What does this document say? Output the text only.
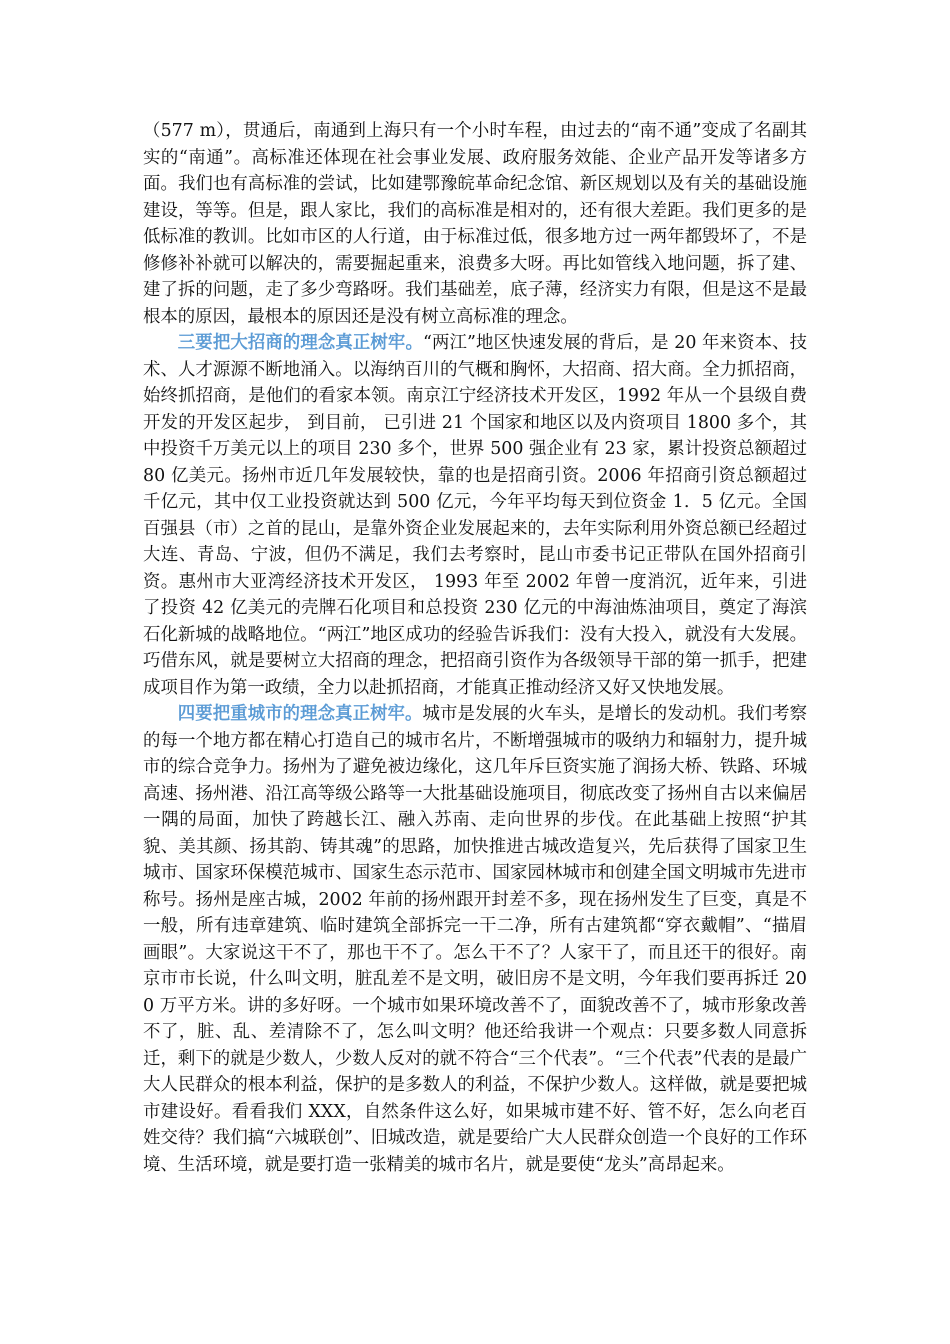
（577 m），贯通后，南通到上海只有一个小时车程，由过去的“南不通”变成了名副其实的“南通”。高标准还体现在社会事业发展、政府服务效能、企业产品开发等诸多方面。我们也有高标准的尝试，比如建鄂豫皖革命纪念馆、新区规划以及有关的基础设施建设，等等。但是，跟人家比，我们的高标准是相对的，还有很大差距。我们更多的是低标准的教训。比如市区的人行道，由于标准过低，很多地方过一两年都毁坏了，不是修修补补就可以解决的，需要掘起重来，浪费多大呀。再比如管线入地问题，拆了建、建了拆的问题，走了多少弯路呀。我们基础差，底子薄，经济实力有限，但是这不是最根本的原因，最根本的原因还是没有树立高标准的理念。

三要把大招商的理念真正树牢。“两江”地区快速发展的背后，是 20 年来资本、技术、人才源源不断地涌入。以海纳百川的气概和胸怀，大招商、招大商。全力抓招商，始终抓招商，是他们的看家本领。南京江宁经济技术开发区，1992 年从一个县级自费开发的开发区起步， 到目前， 已引进 21 个国家和地区以及内资项目 1800 多个，其中投资千万美元以上的项目 230 多个，世界 500 强企业有 23 家，累计投资总额超过 80 亿美元。扬州市近几年发展较快，靠的也是招商引资。2006 年招商引资总额超过千亿元，其中仅工业投资就达到 500 亿元，今年平均每天到位资金 1．5 亿元。全国百强县（市）之首的昆山，是靠外资企业发展起来的，去年实际利用外资总额已经超过大连、青岛、宁波，但仍不满足，我们去考察时，昆山市委书记正带队在国外招商引资。惠州市大亚湾经济技术开发区， 1993 年至 2002 年曾一度消沉，近年来，引进了投资 42 亿美元的壳牌石化项目和总投资 230 亿元的中海油炼油项目，奠定了海滨石化新城的战略地位。“两江”地区成功的经验告诉我们：没有大投入，就没有大发展。巧借东风，就是要树立大招商的理念，把招商引资作为各级领导干部的第一抓手，把建成项目作为第一政绩，全力以赴抓招商，才能真正推动经济又好又快地发展。

四要把重城市的理念真正树牢。城市是发展的火车头，是增长的发动机。我们考察的每一个地方都在精心打造自己的城市名片，不断增强城市的吸纳力和辐射力，提升城市的综合竞争力。扬州为了避免被边缘化，这几年斥巨资实施了润扬大桥、铁路、环城高速、扬州港、沿江高等级公路等一大批基础设施项目，彻底改变了扬州自古以来偏居一隅的局面，加快了跨越长江、融入苏南、走向世界的步伐。在此基础上按照“护其貌、美其颜、扬其韵、铸其魂”的思路，加快推进古城改造复兴，先后获得了国家卫生城市、国家环保模范城市、国家生态示范市、国家园林城市和创建全国文明城市先进市称号。扬州是座古城，2002 年前的扬州跟开封差不多，现在扬州发生了巨变，真是不一般，所有违章建筑、临时建筑全部拆完一干二净，所有古建筑都“穿衣戴帽”、“描眉画眼”。大家说这干不了，那也干不了。怎么干不了？人家干了，而且还干的很好。南京市市长说，什么叫文明，脏乱差不是文明，破旧房不是文明，今年我们要再拆迁 200 万平方米。讲的多好呀。一个城市如果环境改善不了，面貌改善不了，城市形象改善不了，脏、乱、差清除不了，怎么叫文明？他还给我讲一个观点：只要多数人同意拆迁，剩下的就是少数人，少数人反对的就不符合“三个代表”。“三个代表”代表的是最广大人民群众的根本利益，保护的是多数人的利益，不保护少数人。这样做，就是要把城市建设好。看看我们 XXX，自然条件这么好，如果城市建不好、管不好，怎么向老百姓交待？我们搞“六城联创”、旧城改造，就是要给广大人民群众创造一个良好的工作环境、生活环境，就是要打造一张精美的城市名片，就是要使“龙头”高昂起来。
